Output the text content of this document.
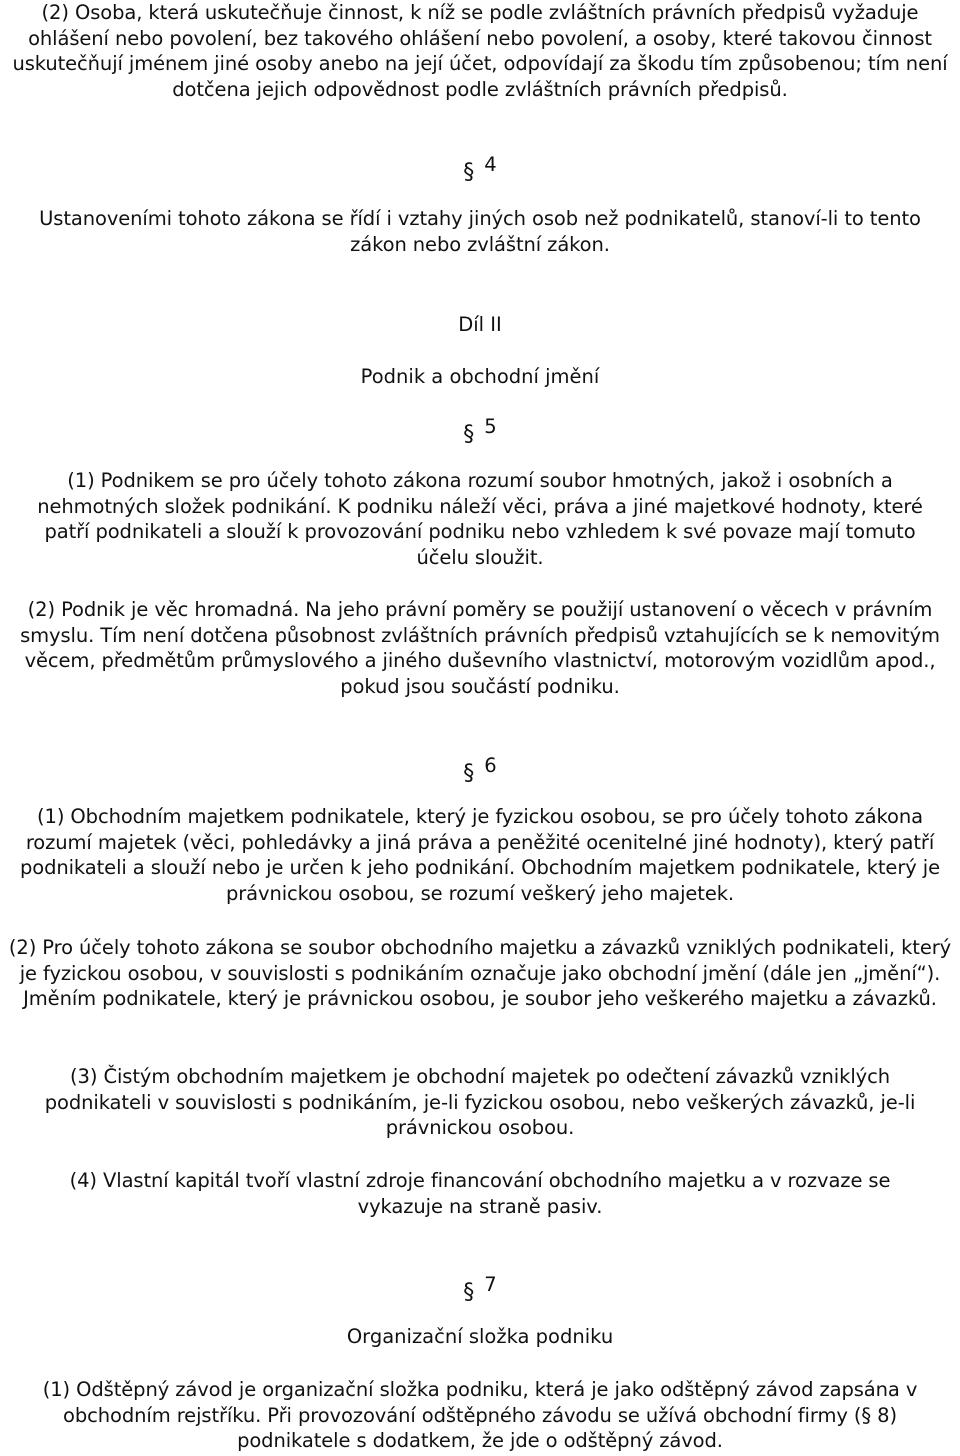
(2) Osoba, která uskutečňuje činnost, k níž se podle zvláštních právních předpisů vyžaduje ohlášení nebo povolení, bez takového ohlášení nebo povolení, a osoby, které takovou činnost uskutečňují jménem jiné osoby anebo na její účet, odpovídají za škodu tím způsobenou; tím není dotčena jejich odpovědnost podle zvláštních právních předpisů.

§ 4

Ustanoveními tohoto zákona se řídí i vztahy jiných osob než podnikatelů, stanoví-li to tento zákon nebo zvláštní zákon.

Díl II

Podnik a obchodní jmění

§ 5

(1) Podnikem se pro účely tohoto zákona rozumí soubor hmotných, jakož i osobních a nehmotných složek podnikání. K podniku náleží věci, práva a jiné majetkové hodnoty, které patří podnikateli a slouží k provozování podniku nebo vzhledem k své povaze mají tomuto účelu sloužit.

(2) Podnik je věc hromadná. Na jeho právní poměry se použijí ustanovení o věcech v právním smyslu. Tím není dotčena působnost zvláštních právních předpisů vztahujících se k nemovitým věcem, předmětům průmyslového a jiného duševního vlastnictví, motorovým vozidlům apod., pokud jsou součástí podniku.

§ 6

(1) Obchodním majetkem podnikatele, který je fyzickou osobou, se pro účely tohoto zákona rozumí majetek (věci, pohledávky a jiná práva a peněžité ocenitelné jiné hodnoty), který patří podnikateli a slouží nebo je určen k jeho podnikání. Obchodním majetkem podnikatele, který je právnickou osobou, se rozumí veškerý jeho majetek.

(2) Pro účely tohoto zákona se soubor obchodního majetku a závazků vzniklých podnikateli, který je fyzickou osobou, v souvislosti s podnikáním označuje jako obchodní jmění (dále jen „jmění“). Jměním podnikatele, který je právnickou osobou, je soubor jeho veškerého majetku a závazků.

(3) Čistým obchodním majetkem je obchodní majetek po odečtení závazků vzniklých podnikateli v souvislosti s podnikáním, je-li fyzickou osobou, nebo veškerých závazků, je-li právnickou osobou.

(4) Vlastní kapitál tvoří vlastní zdroje financování obchodního majetku a v rozvaze se vykazuje na straně pasiv.

§ 7

Organizační složka podniku

(1) Odštěpný závod je organizační složka podniku, která je jako odštěpný závod zapsána v obchodním rejstříku. Při provozování odštěpného závodu se užívá obchodní firmy (§ 8) podnikatele s dodatkem, že jde o odštěpný závod.
